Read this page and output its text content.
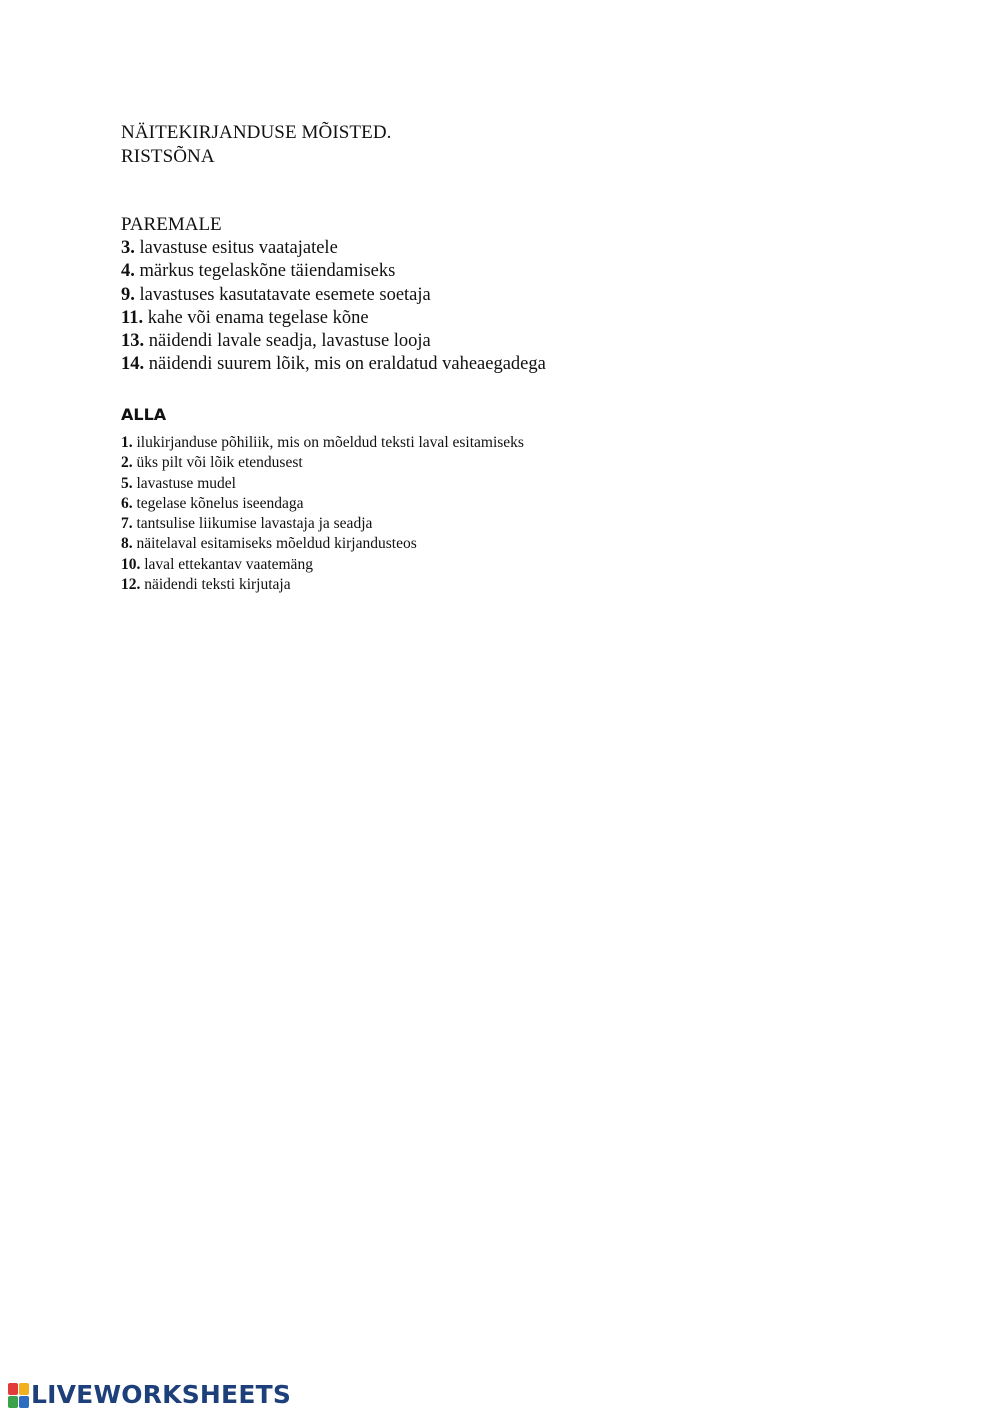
NÄITEKIRJANDUSE MÕISTED.
RISTSÕNA
PAREMALE
3. lavastuse esitus vaatajatele
4. märkus tegelaskõne täiendamiseks
9. lavastuses kasutatavate esemete soetaja
11. kahe või enama tegelase kõne
13. näidendi lavale seadja, lavastuse looja
14. näidendi suurem lõik, mis on eraldatud vaheaegadega
ALLA
1. ilukirjanduse põhiliik, mis on mõeldud teksti laval esitamiseks
2. üks pilt või lõik etendusest
5. lavastuse mudel
6. tegelase kõnelus iseendaga
7. tantsulise liikumise lavastaja ja seadja
8. näitelaval esitamiseks mõeldud kirjandusteos
10. laval ettekantav vaatemäng
12. näidendi teksti kirjutaja
LIVEWORKSHEETS
